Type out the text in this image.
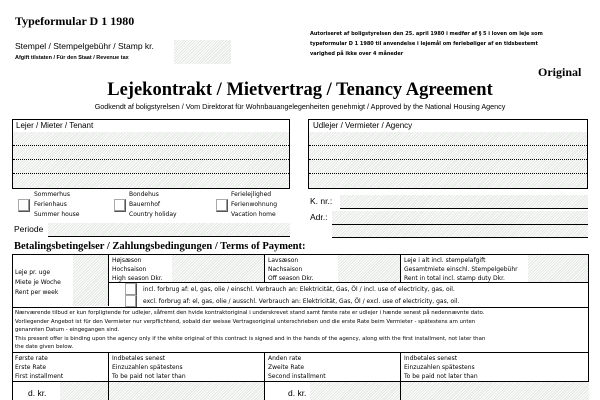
Typeformular D 1 1980
Stempel / Stempelgebühr / Stamp kr.
Afgift tilstaten / Für den Staat / Revenue tax
Autoriseret af boligstyrelsen den 25. april 1980 i medfør af § 5 i loven om leje som
typeformular D 1 1980 til anvendelse i lejemål om feriebøliger af en tidsbestemt
varighed på ikke over 4 måneder
Original
Lejekontrakt / Mietvertrag / Tenancy Agreement
Godkendt af boligstyrelsen / Vom Direktorat für Wohnbauangelegenheiten genehmigt / Approved by the National Housing Agency
Lejer / Mieter / Tenant	Udlejer / Vermieter / Agency
Sommerhus
Ferienhaus
Summer house
Bondehus
Bauernhof
Country holiday
Ferielejlighed
Ferienwohnung
Vacation home
Periode
K. nr.:
Adr.:
Betalingsbetingelser / Zahlungsbedingungen / Terms of Payment:
Leje pr. uge
Miete je Woche
Rent per week
Højsæson
Hochsaison
High season Dkr.
Lavsæson
Nachsaison
Off season Dkr.
Leje i alt incl. stempelafgift
Gesamtmiete einschl. Stempelgebühr
Rent in total incl. stamp duty Dkr.
incl. forbrug af: el, gas, olie / einschl. Verbrauch an: Elektricität, Gas, Öl / incl. use of electricity, gas, oil.
excl. forbrug af: el, gas, olie / ausschl. Verbrauch an: Elektricität, Gas, Öl / excl. use of electricity, gas, oil.
Nærværende tilbud er kun forpligtende for udlejer, såfremt den hvide kontraktoriginal i underskrevet stand samt første rate er udlejer i hænde senest på nedennævnte dato.
Vorliegender Angebot ist für den Vermieter nur verpflichtend, sobald der weisse Vertragsoriginal unterschrieben und die erste Rate beim Vermieter - spätestens am unten
genannten Datum - eingegangen sind.
This present offer is binding upon the agency only if the white original of this contract is signed and in the hands of the agency, along with the first installment, not later than
the date given below.
Første rate
Erste Rate
First installment
Indbetales senest
Einzuzahlen spätestens
To be paid not later than
Anden rate
Zweite Rate
Second installment
Indbetales senest
Einzuzahlen spätestens
To be paid not later than
d. kr.	d. kr.
